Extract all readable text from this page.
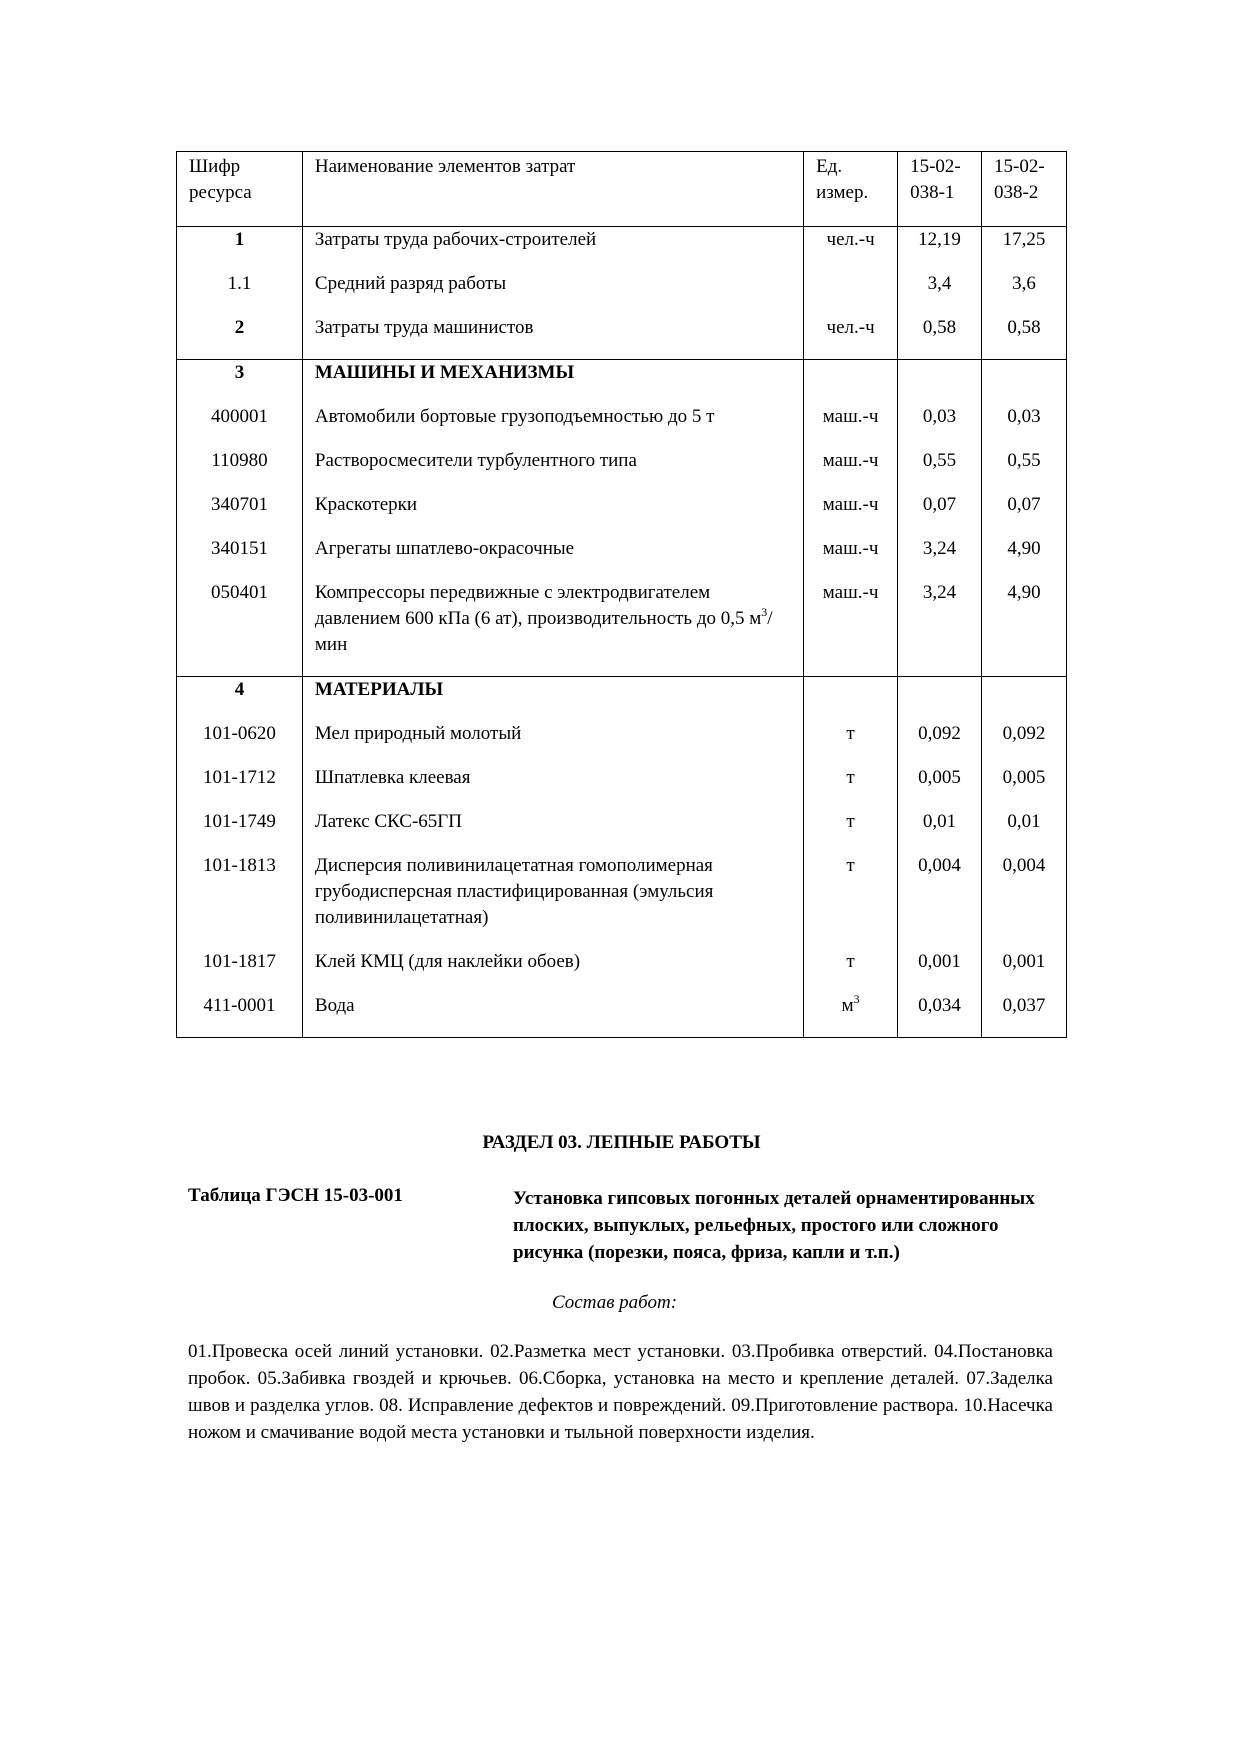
Шифр ресурса	Наименование элементов затрат	Ед. измер.	15-02-038-1	15-02-038-2
1	Затраты труда рабочих-строителей	чел.-ч	12,19	17,25
1.1	Средний разряд работы		3,4	3,6
2	Затраты труда машинистов	чел.-ч	0,58	0,58
3	МАШИНЫ И МЕХАНИЗМЫ			
400001	Автомобили бортовые грузоподъемностью до 5 т	маш.-ч	0,03	0,03
110980	Растворосмесители турбулентного типа	маш.-ч	0,55	0,55
340701	Краскотерки	маш.-ч	0,07	0,07
340151	Агрегаты шпатлево-окрасочные	маш.-ч	3,24	4,90
050401	Компрессоры передвижные с электродвигателем давлением 600 кПа (6 ат), производительность до 0,5 $м^3$/мин	маш.-ч	3,24	4,90
4	МАТЕРИАЛЫ			
101-0620	Мел природный молотый	т	0,092	0,092
101-1712	Шпатлевка клеевая	т	0,005	0,005
101-1749	Латекс СКС-65ГП	т	0,01	0,01
101-1813	Дисперсия поливинилацетатная гомополимерная грубодисперсная пластифицированная (эмульсия поливинилацетатная)	т	0,004	0,004
101-1817	Клей КМЦ (для наклейки обоев)	т	0,001	0,001
411-0001	Вода	$м^3$	0,034	0,037
РАЗДЕЛ 03. ЛЕПНЫЕ РАБОТЫ
Таблица ГЭСН 15-03-001	Установка гипсовых погонных деталей орнаментированных плоских, выпуклых, рельефных, простого или сложного рисунка (порезки, пояса, фриза, капли и т.п.)
Состав работ:
01.Провеска осей линий установки. 02.Разметка мест установки. 03.Пробивка отверстий. 04.Постановка пробок. 05.Забивка гвоздей и крючьев. 06.Сборка, установка на место и крепление деталей. 07.Заделка швов и разделка углов. 08. Исправление дефектов и повреждений. 09.Приготовление раствора. 10.Насечка ножом и смачивание водой места установки и тыльной поверхности изделия.
